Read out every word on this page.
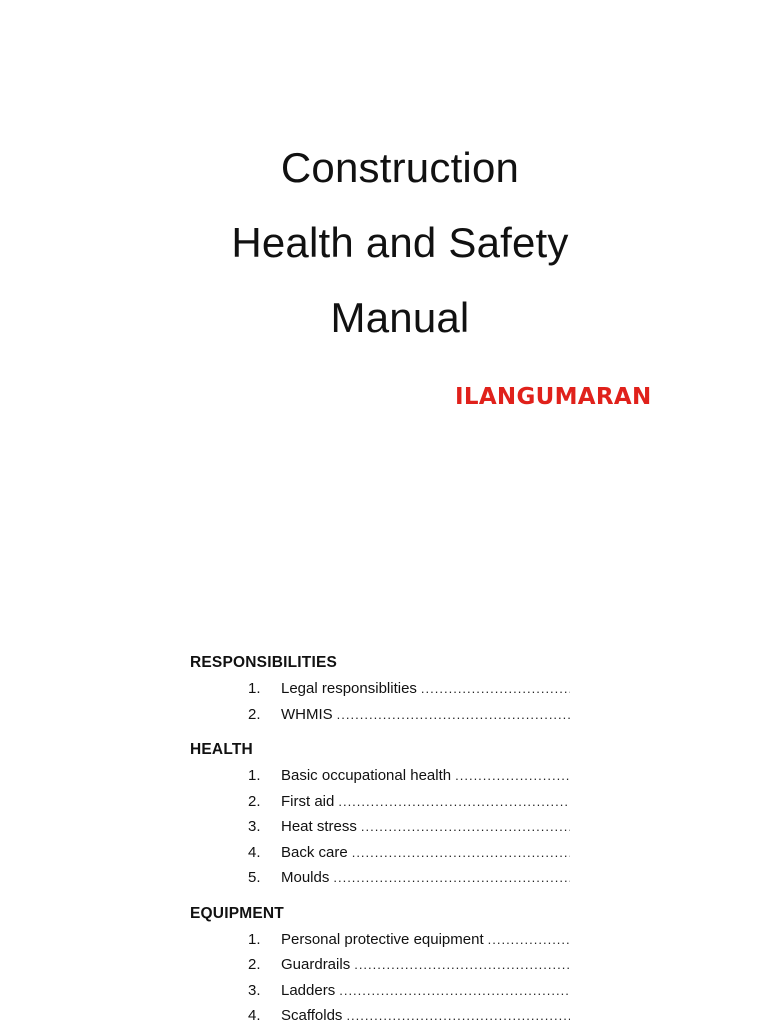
Construction
Health and Safety
Manual
ILANGUMARAN
RESPONSIBILITIES
1.	Legal responsiblities
.....
2.	WHMIS
.....
HEALTH
1.	Basic occupational health
.....
2.	First aid
.....
3.	Heat stress
.....
4.	Back care
.....
5.	Moulds
.....
EQUIPMENT
1.	Personal protective equipment
.....
2.	Guardrails
.....
3.	Ladders
.....
4.	Scaffolds
.....
